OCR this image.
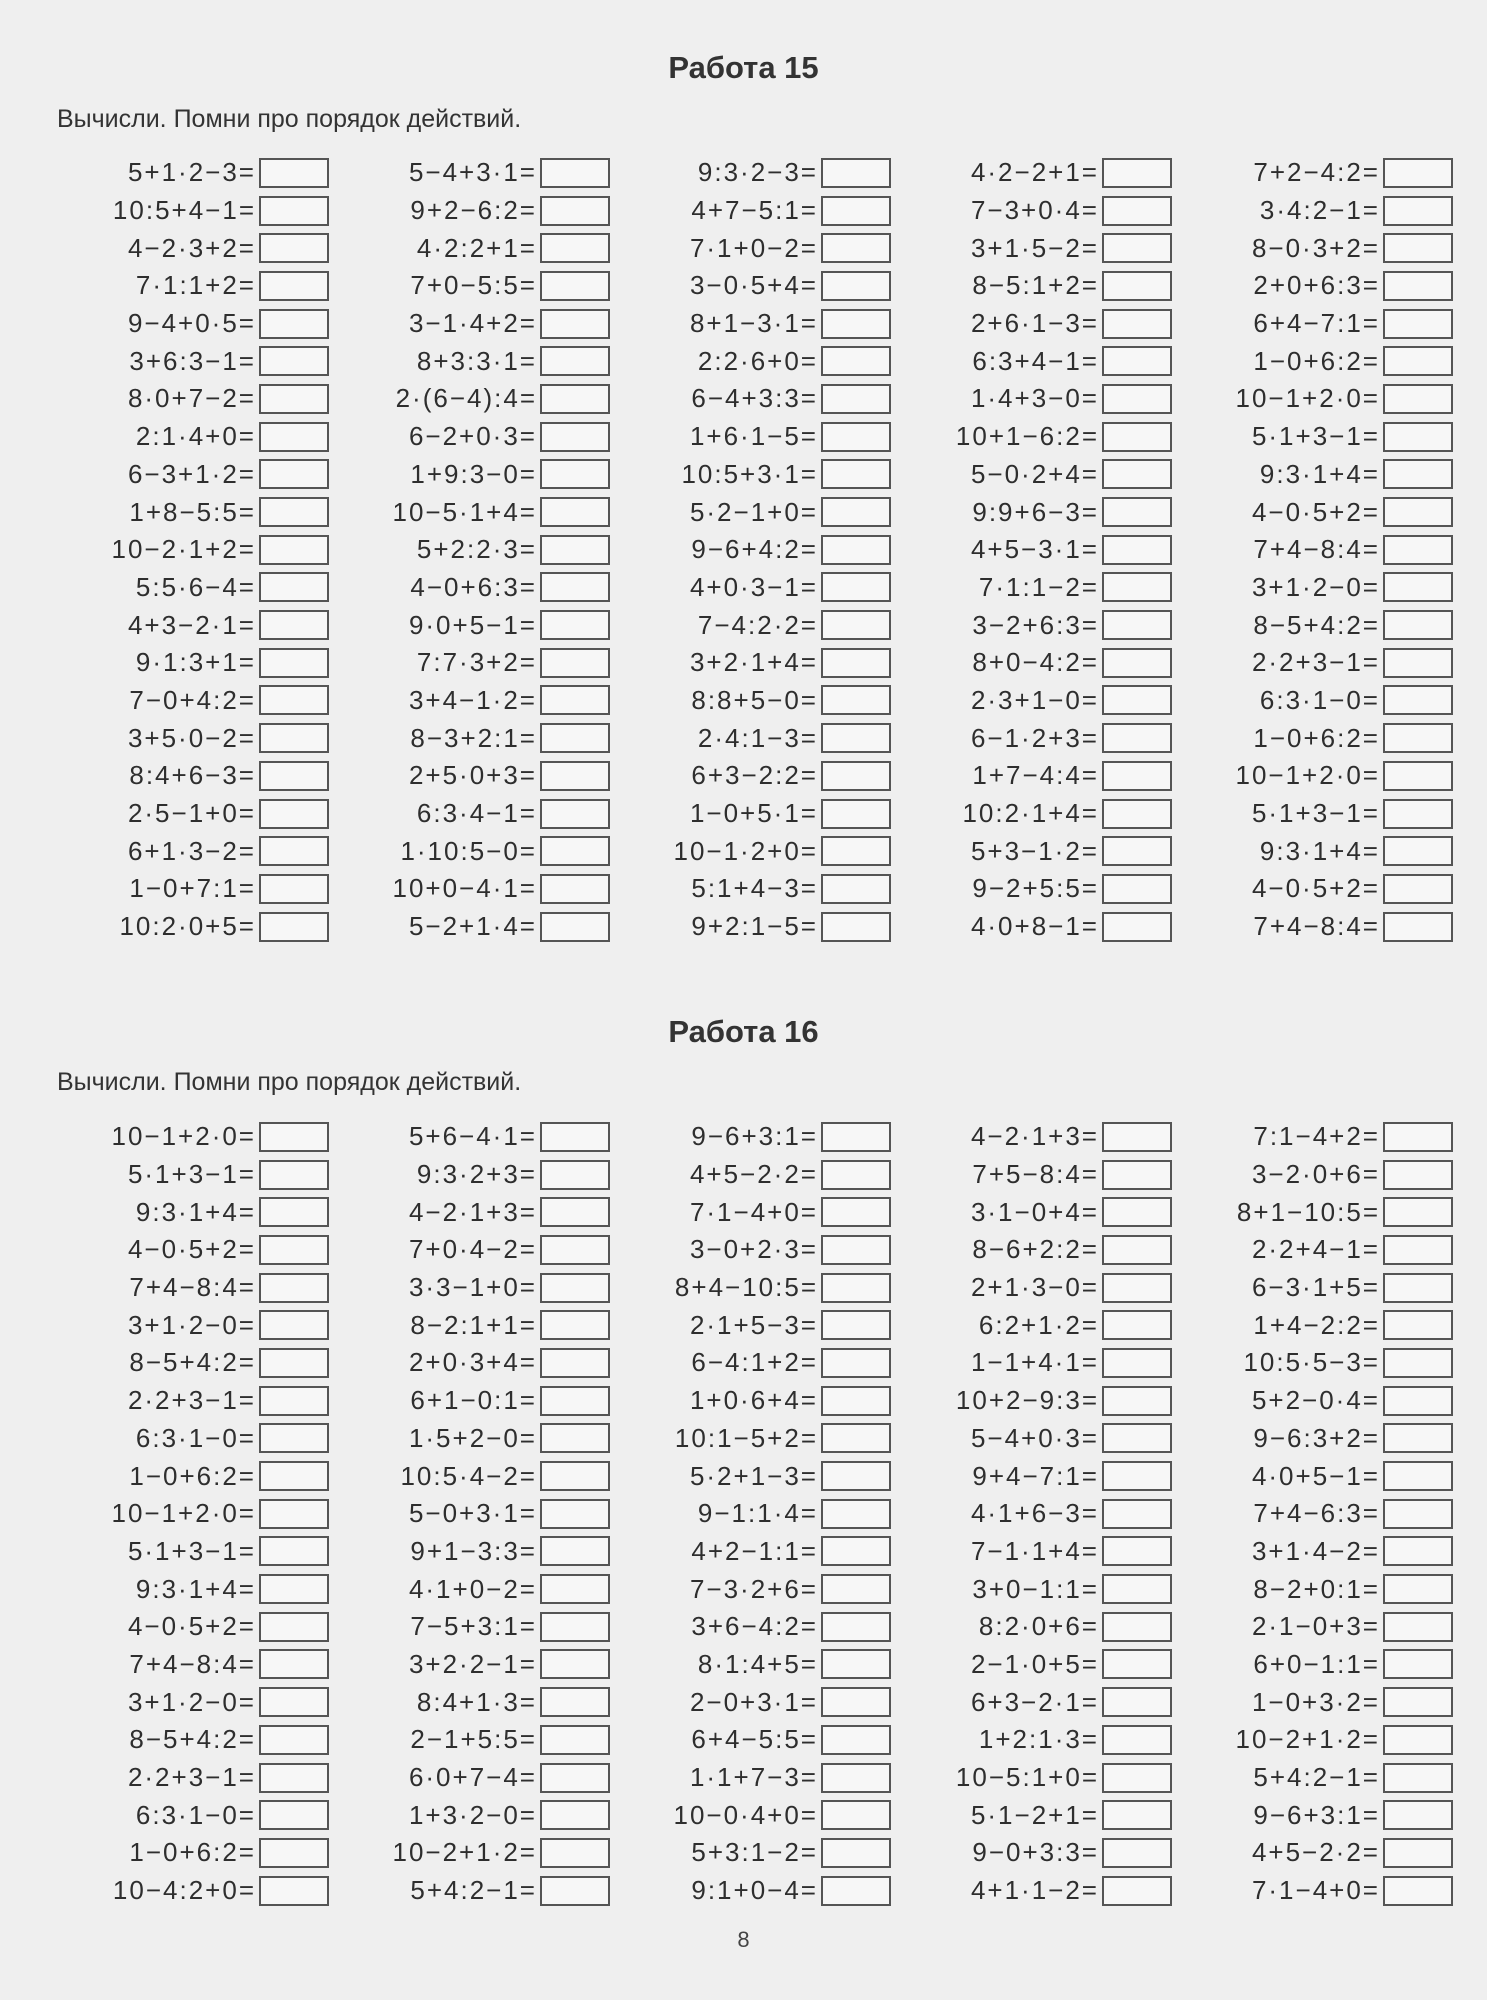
Работа 15
Вычисли. Помни про порядок действий.
5+1·2−3=	5−4+3·1=	9:3·2−3=	4·2−2+1=	7+2−4:2=
10:5+4−1=	9+2−6:2=	4+7−5:1=	7−3+0·4=	3·4:2−1=
4−2·3+2=	4·2:2+1=	7·1+0−2=	3+1·5−2=	8−0·3+2=
7·1:1+2=	7+0−5:5=	3−0·5+4=	8−5:1+2=	2+0+6:3=
9−4+0·5=	3−1·4+2=	8+1−3·1=	2+6·1−3=	6+4−7:1=
3+6:3−1=	8+3:3·1=	2:2·6+0=	6:3+4−1=	1−0+6:2=
8·0+7−2=	2·(6−4):4=	6−4+3:3=	1·4+3−0=	10−1+2·0=
2:1·4+0=	6−2+0·3=	1+6·1−5=	10+1−6:2=	5·1+3−1=
6−3+1·2=	1+9:3−0=	10:5+3·1=	5−0·2+4=	9:3·1+4=
1+8−5:5=	10−5·1+4=	5·2−1+0=	9:9+6−3=	4−0·5+2=
10−2·1+2=	5+2:2·3=	9−6+4:2=	4+5−3·1=	7+4−8:4=
5:5·6−4=	4−0+6:3=	4+0·3−1=	7·1:1−2=	3+1·2−0=
4+3−2·1=	9·0+5−1=	7−4:2·2=	3−2+6:3=	8−5+4:2=
9·1:3+1=	7:7·3+2=	3+2·1+4=	8+0−4:2=	2·2+3−1=
7−0+4:2=	3+4−1·2=	8:8+5−0=	2·3+1−0=	6:3·1−0=
3+5·0−2=	8−3+2:1=	2·4:1−3=	6−1·2+3=	1−0+6:2=
8:4+6−3=	2+5·0+3=	6+3−2:2=	1+7−4:4=	10−1+2·0=
2·5−1+0=	6:3·4−1=	1−0+5·1=	10:2·1+4=	5·1+3−1=
6+1·3−2=	1·10:5−0=	10−1·2+0=	5+3−1·2=	9:3·1+4=
1−0+7:1=	10+0−4·1=	5:1+4−3=	9−2+5:5=	4−0·5+2=
10:2·0+5=	5−2+1·4=	9+2:1−5=	4·0+8−1=	7+4−8:4=
Работа 16
Вычисли. Помни про порядок действий.
10−1+2·0=	5+6−4·1=	9−6+3:1=	4−2·1+3=	7:1−4+2=
5·1+3−1=	9:3·2+3=	4+5−2·2=	7+5−8:4=	3−2·0+6=
9:3·1+4=	4−2·1+3=	7·1−4+0=	3·1−0+4=	8+1−10:5=
4−0·5+2=	7+0·4−2=	3−0+2·3=	8−6+2:2=	2·2+4−1=
7+4−8:4=	3·3−1+0=	8+4−10:5=	2+1·3−0=	6−3·1+5=
3+1·2−0=	8−2:1+1=	2·1+5−3=	6:2+1·2=	1+4−2:2=
8−5+4:2=	2+0·3+4=	6−4:1+2=	1−1+4·1=	10:5·5−3=
2·2+3−1=	6+1−0:1=	1+0·6+4=	10+2−9:3=	5+2−0·4=
6:3·1−0=	1·5+2−0=	10:1−5+2=	5−4+0·3=	9−6:3+2=
1−0+6:2=	10:5·4−2=	5·2+1−3=	9+4−7:1=	4·0+5−1=
10−1+2·0=	5−0+3·1=	9−1:1·4=	4·1+6−3=	7+4−6:3=
5·1+3−1=	9+1−3:3=	4+2−1:1=	7−1·1+4=	3+1·4−2=
9:3·1+4=	4·1+0−2=	7−3·2+6=	3+0−1:1=	8−2+0:1=
4−0·5+2=	7−5+3:1=	3+6−4:2=	8:2·0+6=	2·1−0+3=
7+4−8:4=	3+2·2−1=	8·1:4+5=	2−1·0+5=	6+0−1:1=
3+1·2−0=	8:4+1·3=	2−0+3·1=	6+3−2·1=	1−0+3·2=
8−5+4:2=	2−1+5:5=	6+4−5:5=	1+2:1·3=	10−2+1·2=
2·2+3−1=	6·0+7−4=	1·1+7−3=	10−5:1+0=	5+4:2−1=
6:3·1−0=	1+3·2−0=	10−0·4+0=	5·1−2+1=	9−6+3:1=
1−0+6:2=	10−2+1·2=	5+3:1−2=	9−0+3:3=	4+5−2·2=
10−4:2+0=	5+4:2−1=	9:1+0−4=	4+1·1−2=	7·1−4+0=
8
